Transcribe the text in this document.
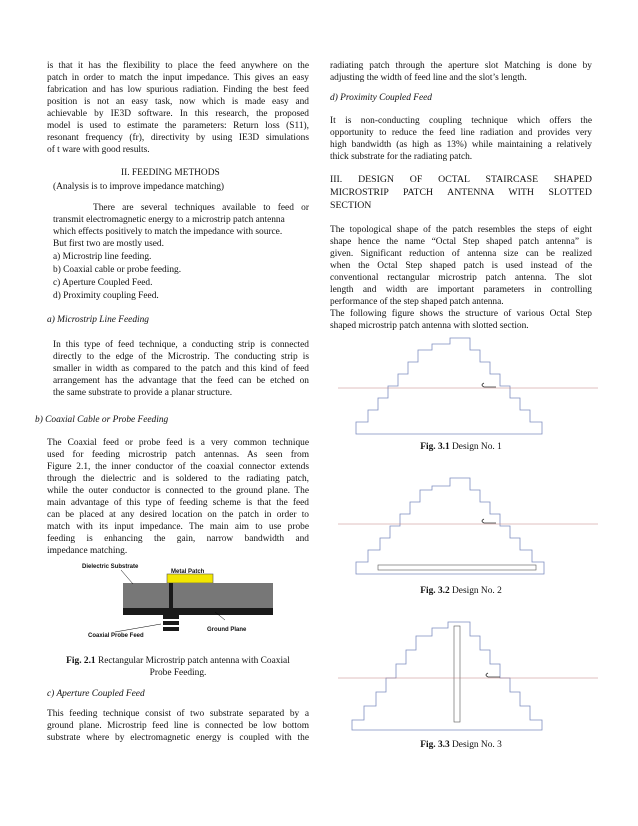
is that it has the flexibility to place the feed anywhere on the
patch in order to match the input impedance. This gives an easy
fabrication and has low spurious radiation. Finding the best feed
position is not an easy task, now which is made easy and
achievable by IE3D software. In this research, the proposed
model is used to estimate the parameters: Return loss (S11),
resonant frequency (fr), directivity by using IE3D simulations
of t ware with good results.
II. FEEDING METHODS
(Analysis is to improve impedance matching)
There are several techniques available to feed or
transmit electromagnetic energy to a microstrip patch antenna
which effects positively to match the impedance with source.
But first two are mostly used.
a) Microstrip line feeding.
b) Coaxial cable or probe feeding.
c) Aperture Coupled Feed.
d) Proximity coupling Feed.
a) Microstrip Line Feeding
In this type of feed technique, a conducting strip is connected
directly to the edge of the Microstrip. The conducting strip is
smaller in width as compared to the patch and this kind of feed
arrangement has the advantage that the feed can be etched on
the same substrate to provide a planar structure.
b) Coaxial Cable or Probe Feeding
The Coaxial feed or probe feed is a very common technique
used for feeding microstrip patch antennas. As seen from
Figure 2.1, the inner conductor of the coaxial connector extends
through the dielectric and is soldered to the radiating patch,
while the outer conductor is connected to the ground plane. The
main advantage of this type of feeding scheme is that the feed
can be placed at any desired location on the patch in order to
match with its input impedance. The main aim to use probe
feeding is enhancing the gain, narrow bandwidth and
impedance matching.
Dielectric Substrate
Metal Patch
Coaxial Probe Feed
Ground Plane
Fig. 2.1 Rectangular Microstrip patch antenna with Coaxial
Probe Feeding.
c) Aperture Coupled Feed
This feeding technique consist of two substrate separated by a
ground plane. Microstrip feed line is connected be low bottom
substrate where by electromagnetic energy is coupled with the
radiating patch through the aperture slot Matching is done by
adjusting the width of feed line and the slot’s length.
d) Proximity Coupled Feed
It is non-conducting coupling technique which offers the
opportunity to reduce the feed line radiation and provides very
high bandwidth (as high as 13%) while maintaining a relatively
thick substrate for the radiating patch.
III. DESIGN OF OCTAL STAIRCASE SHAPED
MICROSTRIP PATCH ANTENNA WITH SLOTTED
SECTION
The topological shape of the patch resembles the steps of eight
shape hence the name “Octal Step shaped patch antenna” is
given. Significant reduction of antenna size can be realized
when the Octal Step shaped patch is used instead of the
conventional rectangular microstrip patch antenna. The slot
length and width are important parameters in controlling
performance of the step shaped patch antenna.
The following figure shows the structure of various Octal Step
shaped microstrip patch antenna with slotted section.
Fig. 3.1 Design No. 1
Fig. 3.2 Design No. 2
Fig. 3.3 Design No. 3
